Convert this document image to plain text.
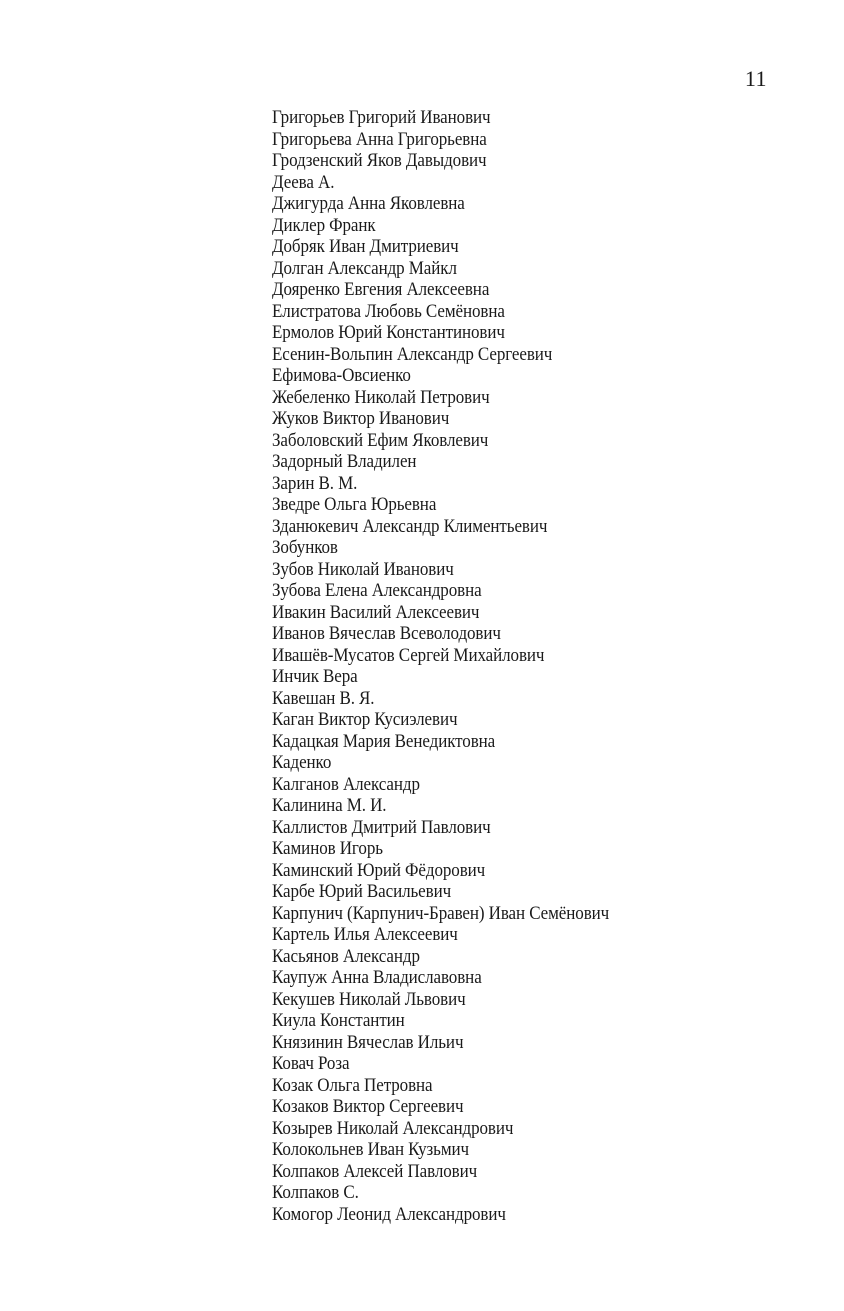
11
Григорьев Григорий Иванович
Григорьева Анна Григорьевна
Гродзенский Яков Давыдович
Деева А.
Джигурда Анна Яковлевна
Диклер Франк
Добряк Иван Дмитриевич
Долган Александр Майкл
Дояренко Евгения Алексеевна
Елистратова Любовь Семёновна
Ермолов Юрий Константинович
Есенин-Вольпин Александр Сергеевич
Ефимова-Овсиенко
Жебеленко Николай Петрович
Жуков Виктор Иванович
Заболовский Ефим Яковлевич
Задорный Владилен
Зарин В. М.
Зведре Ольга Юрьевна
Зданюкевич Александр Климентьевич
Зобунков
Зубов Николай Иванович
Зубова Елена Александровна
Ивакин Василий Алексеевич
Иванов Вячеслав Всеволодович
Ивашёв-Мусатов Сергей Михайлович
Инчик Вера
Кавешан В. Я.
Каган Виктор Кусиэлевич
Кадацкая Мария Венедиктовна
Каденко
Калганов Александр
Калинина М. И.
Каллистов Дмитрий Павлович
Каминов Игорь
Каминский Юрий Фёдорович
Карбе Юрий Васильевич
Карпунич (Карпунич-Бравен) Иван Семёнович
Картель Илья Алексеевич
Касьянов Александр
Каупуж Анна Владиславовна
Кекушев Николай Львович
Киула Константин
Князинин Вячеслав Ильич
Ковач Роза
Козак Ольга Петровна
Козаков Виктор Сергеевич
Козырев Николай Александрович
Колокольнев Иван Кузьмич
Колпаков Алексей Павлович
Колпаков С.
Комогор Леонид Александрович
